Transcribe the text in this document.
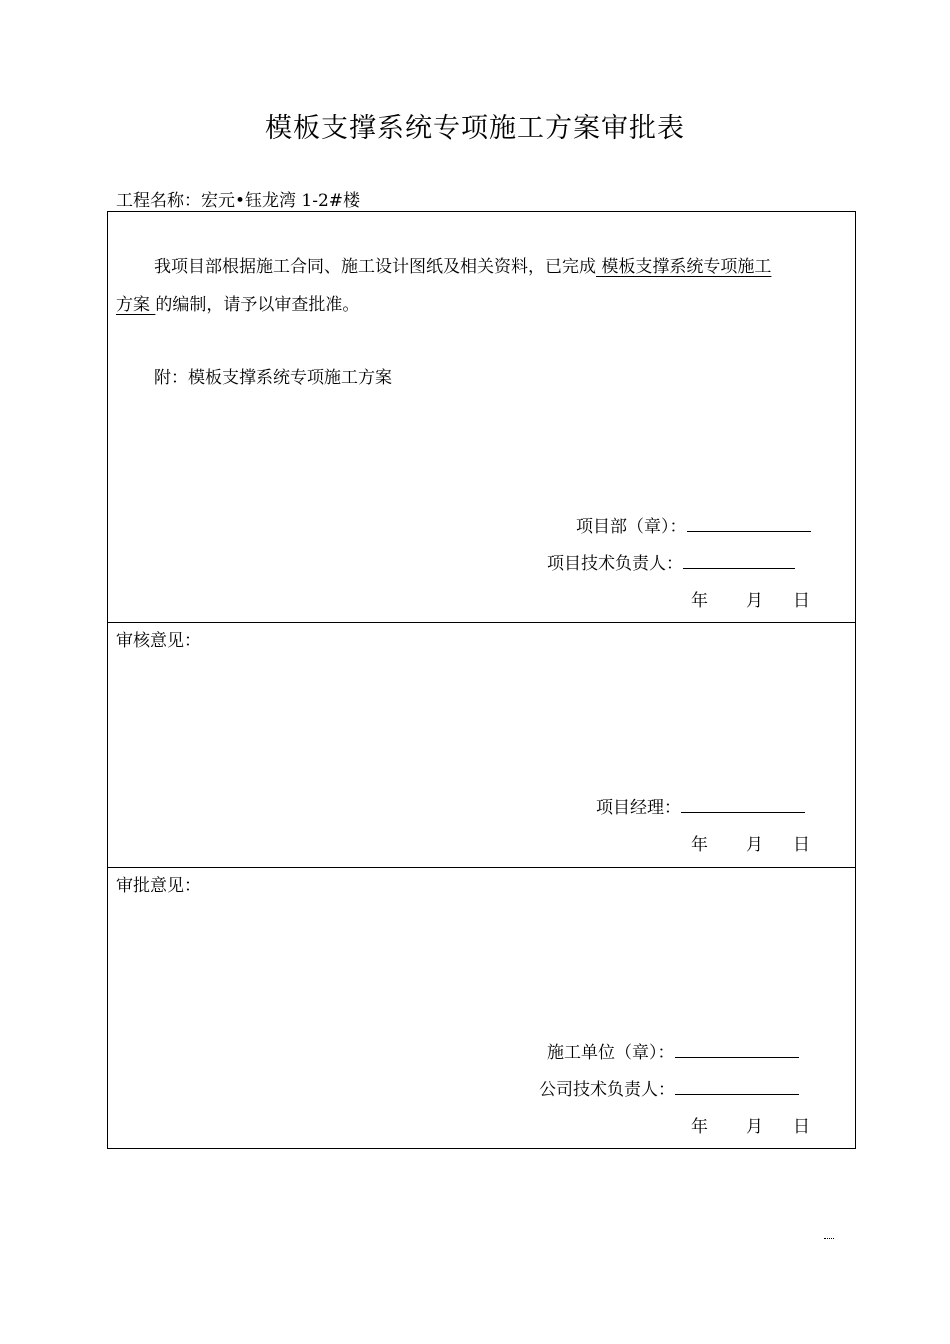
模板支撑系统专项施工方案审批表
工程名称：宏元•钰龙湾 1-2#楼
我项目部根据施工合同、施工设计图纸及相关资料，已完成 模板支撑系统专项施工
方案 的编制，请予以审查批准。
附：模板支撑系统专项施工方案
项目部（章）：
项目技术负责人：
年 月 日
审核意见：
项目经理：
年 月 日
审批意见：
施工单位（章）：
公司技术负责人：
年 月 日
